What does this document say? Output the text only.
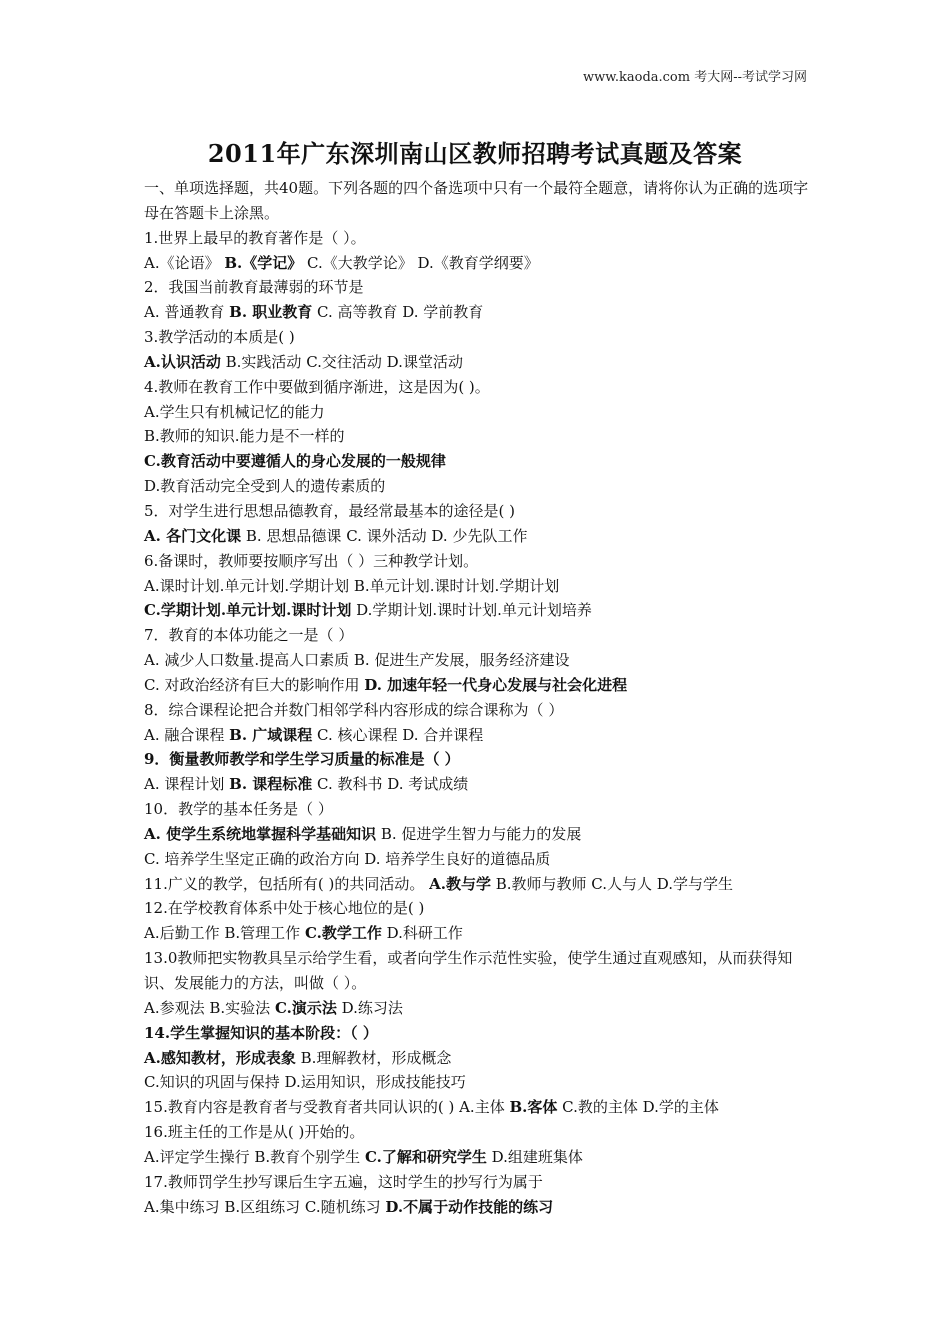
www.kaoda.com 考大网--考试学习网
2011年广东深圳南山区教师招聘考试真题及答案
一、单项选择题，共40题。下列各题的四个备选项中只有一个最符全题意，请将你认为正确的选项字母在答题卡上涂黑。
1.世界上最早的教育著作是（ ）。
A.《论语》 B.《学记》 C.《大教学论》 D.《教育学纲要》
2．我国当前教育最薄弱的环节是
A. 普通教育 B. 职业教育 C. 高等教育 D. 学前教育
3.教学活动的本质是( )
A.认识活动 B.实践活动 C.交往活动 D.课堂活动
4.教师在教育工作中要做到循序渐进，这是因为( )。
A.学生只有机械记忆的能力
B.教师的知识.能力是不一样的
C.教育活动中要遵循人的身心发展的一般规律
D.教育活动完全受到人的遗传素质的
5．对学生进行思想品德教育，最经常最基本的途径是( )
A. 各门文化课 B. 思想品德课 C. 课外活动 D. 少先队工作
6.备课时，教师要按顺序写出（ ）三种教学计划。
A.课时计划.单元计划.学期计划 B.单元计划.课时计划.学期计划
C.学期计划.单元计划.课时计划 D.学期计划.课时计划.单元计划培养
7．教育的本体功能之一是（ ）
A. 减少人口数量.提高人口素质 B. 促进生产发展，服务经济建设
C. 对政治经济有巨大的影响作用 D. 加速年轻一代身心发展与社会化进程
8．综合课程论把合并数门相邻学科内容形成的综合课称为（ ）
A. 融合课程 B. 广域课程 C. 核心课程 D. 合并课程
9．衡量教师教学和学生学习质量的标准是（ ）
A. 课程计划 B. 课程标准 C. 教科书 D. 考试成绩
10．教学的基本任务是（ ）
A. 使学生系统地掌握科学基础知识 B. 促进学生智力与能力的发展
C. 培养学生坚定正确的政治方向 D. 培养学生良好的道德品质
11.广义的教学，包括所有( )的共同活动。 A.教与学 B.教师与教师 C.人与人 D.学与学生
12.在学校教育体系中处于核心地位的是( )
A.后勤工作 B.管理工作 C.教学工作 D.科研工作
13.0教师把实物教具呈示给学生看，或者向学生作示范性实验，使学生通过直观感知，从而获得知识、发展能力的方法，叫做（ ）。
A.参观法 B.实验法 C.演示法 D.练习法
14.学生掌握知识的基本阶段：（ ）
A.感知教材，形成表象 B.理解教材，形成概念
C.知识的巩固与保持 D.运用知识，形成技能技巧
15.教育内容是教育者与受教育者共同认识的( ) A.主体 B.客体 C.教的主体 D.学的主体
16.班主任的工作是从( )开始的。
A.评定学生操行 B.教育个别学生 C.了解和研究学生 D.组建班集体
17.教师罚学生抄写课后生字五遍，这时学生的抄写行为属于
A.集中练习 B.区组练习 C.随机练习 D.不属于动作技能的练习
